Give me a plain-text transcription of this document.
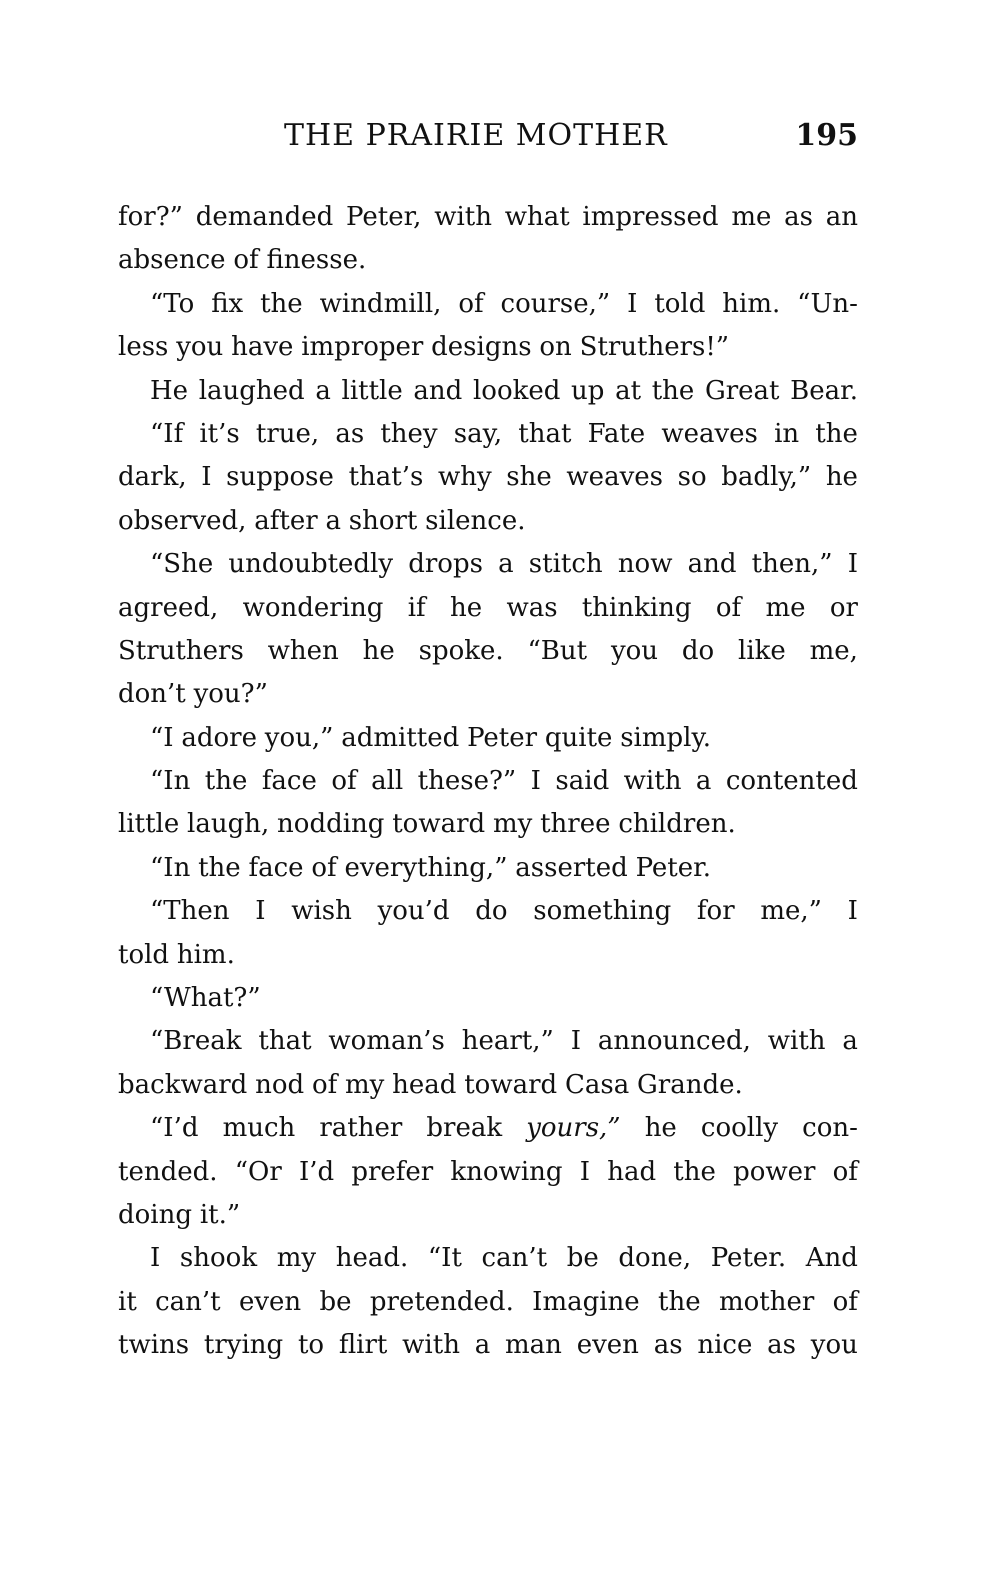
THE PRAIRIE MOTHER	195
for?” demanded Peter, with what impressed me as an
absence of finesse.
“To fix the windmill, of course,” I told him. “Un-
less you have improper designs on Struthers!”
He laughed a little and looked up at the Great Bear.
“If it’s true, as they say, that Fate weaves in the
dark, I suppose that’s why she weaves so badly,” he
observed, after a short silence.
“She undoubtedly drops a stitch now and then,” I
agreed, wondering if he was thinking of me or
Struthers when he spoke. “But you do like me,
don’t you?”
“I adore you,” admitted Peter quite simply.
“In the face of all these?” I said with a contented
little laugh, nodding toward my three children.
“In the face of everything,” asserted Peter.
“Then I wish you’d do something for me,” I
told him.
“What?”
“Break that woman’s heart,” I announced, with a
backward nod of my head toward Casa Grande.
“I’d much rather break yours,” he coolly con-
tended. “Or I’d prefer knowing I had the power of
doing it.”
I shook my head. “It can’t be done, Peter. And
it can’t even be pretended. Imagine the mother of
twins trying to flirt with a man even as nice as you
